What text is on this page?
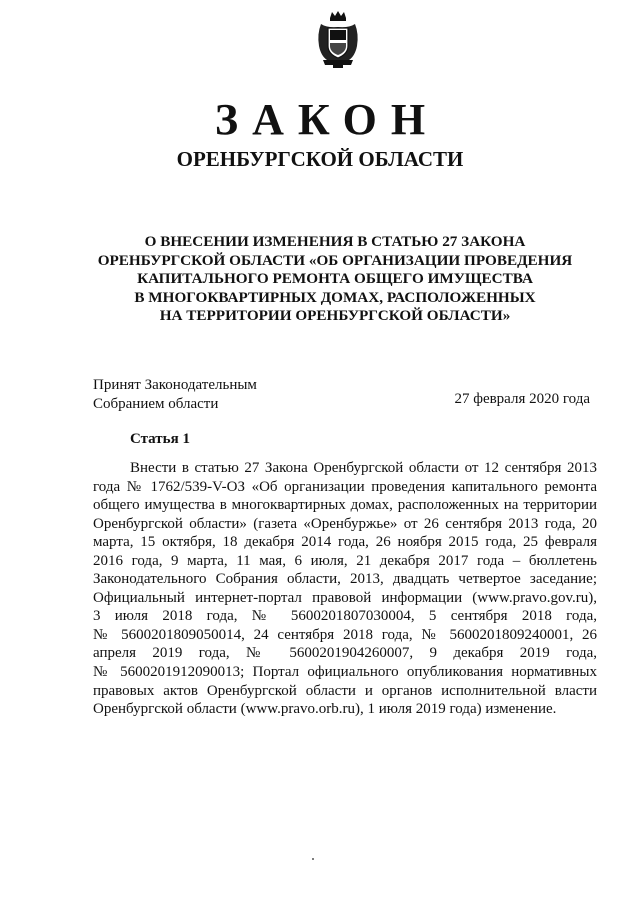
ЗАКОН
ОРЕНБУРГСКОЙ ОБЛАСТИ
О ВНЕСЕНИИ ИЗМЕНЕНИЯ В СТАТЬЮ 27 ЗАКОНА
ОРЕНБУРГСКОЙ ОБЛАСТИ «ОБ ОРГАНИЗАЦИИ ПРОВЕДЕНИЯ
КАПИТАЛЬНОГО РЕМОНТА ОБЩЕГО ИМУЩЕСТВА
В МНОГОКВАРТИРНЫХ ДОМАХ, РАСПОЛОЖЕННЫХ
НА ТЕРРИТОРИИ ОРЕНБУРГСКОЙ ОБЛАСТИ»
Принят Законодательным
Собранием области	27 февраля 2020 года
Статья 1
Внести в статью 27 Закона Оренбургской области от 12 сентября 2013
года № 1762/539-V-ОЗ «Об организации проведения капитального ремонта
общего имущества в многоквартирных домах, расположенных на территории
Оренбургской области» (газета «Оренбуржье» от 26 сентября 2013 года, 20
марта, 15 октября, 18 декабря 2014 года, 26 ноября 2015 года, 25 февраля
2016 года, 9 марта, 11 мая, 6 июля, 21 декабря 2017 года – бюллетень
Законодательного Собрания области, 2013, двадцать четвертое заседание;
Официальный интернет-портал правовой информации (www.pravo.gov.ru),
3 июля 2018 года, № 5600201807030004, 5 сентября 2018 года,
№ 5600201809050014, 24 сентября 2018 года, № 5600201809240001, 26
апреля 2019 года, № 5600201904260007, 9 декабря 2019 года,
№ 5600201912090013; Портал официального опубликования нормативных
правовых актов Оренбургской области и органов исполнительной власти
Оренбургской области (www.pravo.orb.ru), 1 июля 2019 года) изменение.
